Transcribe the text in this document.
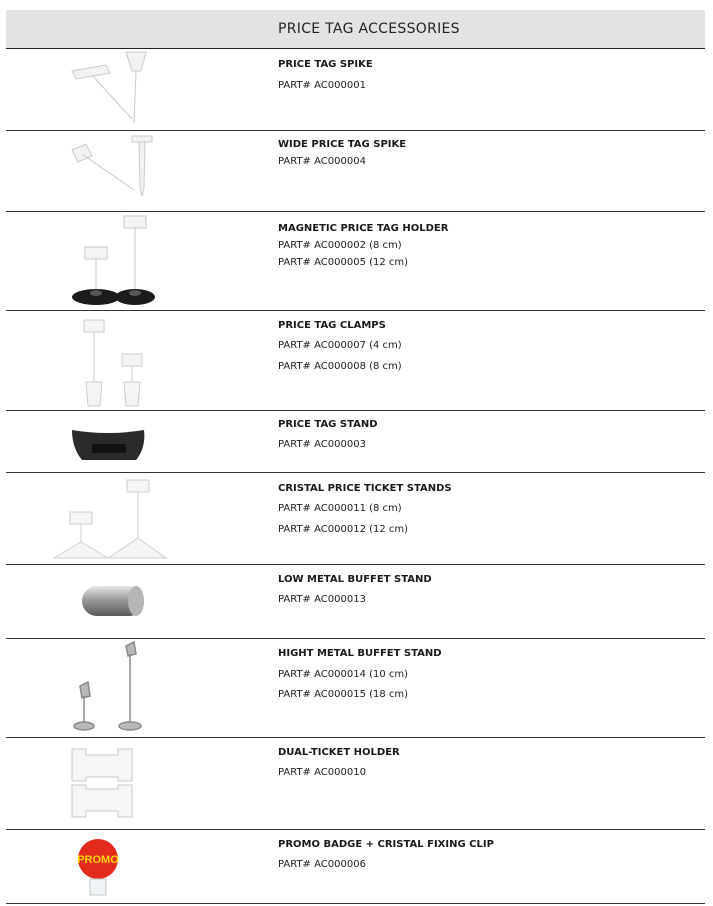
PRICE TAG ACCESSORIES
PRICE TAG SPIKE
PART# AC000001
WIDE PRICE TAG SPIKE
PART# AC000004
MAGNETIC PRICE TAG HOLDER
PART# AC000002 (8 cm)
PART# AC000005 (12 cm)
PRICE TAG CLAMPS
PART# AC000007 (4 cm)
PART# AC000008 (8 cm)
PRICE TAG STAND
PART# AC000003
CRISTAL PRICE TICKET STANDS
PART# AC000011 (8 cm)
PART# AC000012 (12 cm)
LOW METAL BUFFET STAND
PART# AC000013
HIGHT METAL BUFFET STAND
PART# AC000014 (10 cm)
PART# AC000015 (18 cm)
DUAL-TICKET HOLDER
PART# AC000010
PROMO
PROMO BADGE + CRISTAL FIXING CLIP
PART# AC000006
